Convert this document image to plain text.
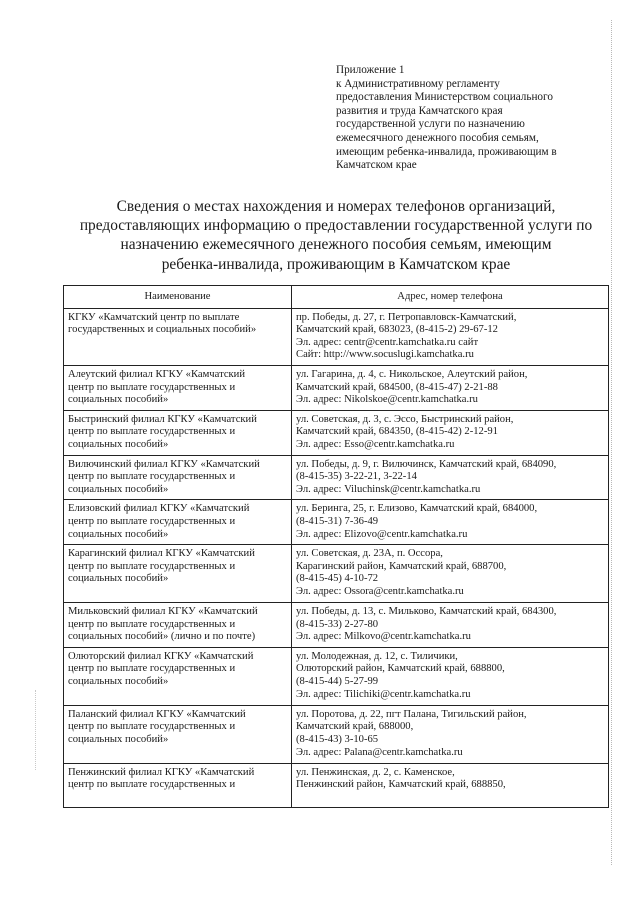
Приложение 1
к Административному регламенту
предоставления Министерством социального
развития и труда Камчатского края
государственной услуги по назначению
ежемесячного денежного пособия семьям,
имеющим ребенка-инвалида, проживающим в
Камчатском крае
Сведения о местах нахождения и номерах телефонов организаций,
предоставляющих информацию о предоставлении государственной услуги по
назначению ежемесячного денежного пособия семьям, имеющим
ребенка-инвалида, проживающим в Камчатском крае
Наименование	Адрес, номер телефона

КГКУ «Камчатский центр по выплате
государственных и социальных пособий»	пр. Победы, д. 27, г. Петропавловск-Камчатский,
Камчатский край, 683023, (8-415-2) 29-67-12
Эл. адрес: centr@centr.kamchatka.ru сайт
Сайт: http://www.socuslugi.kamchatka.ru

Алеутский филиал КГКУ «Камчатский
центр по выплате государственных и
социальных пособий»	ул. Гагарина, д. 4, с. Никольское, Алеутский район,
Камчатский край, 684500, (8-415-47) 2-21-88
Эл. адрес: Nikolskoe@centr.kamchatka.ru

Быстринский филиал КГКУ «Камчатский
центр по выплате государственных и
социальных пособий»	ул. Советская, д. 3, с. Эссо, Быстринский район,
Камчатский край, 684350, (8-415-42) 2-12-91
Эл. адрес: Esso@centr.kamchatka.ru

Вилючинский филиал КГКУ «Камчатский
центр по выплате государственных и
социальных пособий»	ул. Победы, д. 9, г. Вилючинск, Камчатский край, 684090,
(8-415-35) 3-22-21, 3-22-14
Эл. адрес: Viluchinsk@centr.kamchatka.ru

Елизовский филиал КГКУ «Камчатский
центр по выплате государственных и
социальных пособий»	ул. Беринга, 25, г. Елизово, Камчатский край, 684000,
(8-415-31) 7-36-49
Эл. адрес: Elizovo@centr.kamchatka.ru

Карагинский филиал КГКУ «Камчатский
центр по выплате государственных и
социальных пособий»	ул. Советская, д. 23А, п. Оссора,
Карагинский район, Камчатский край, 688700,
(8-415-45) 4-10-72
Эл. адрес: Ossora@centr.kamchatka.ru

Мильковский филиал КГКУ «Камчатский
центр по выплате государственных и
социальных пособий» (лично и по почте)	ул. Победы, д. 13, с. Мильково, Камчатский край, 684300,
(8-415-33) 2-27-80
Эл. адрес: Milkovo@centr.kamchatka.ru

Олюторский филиал КГКУ «Камчатский
центр по выплате государственных и
социальных пособий»	ул. Молодежная, д. 12, с. Тиличики,
Олюторский район, Камчатский край, 688800,
(8-415-44) 5-27-99
Эл. адрес: Tilichiki@centr.kamchatka.ru

Паланский филиал КГКУ «Камчатский
центр по выплате государственных и
социальных пособий»	ул. Поротова, д. 22, пгт Палана, Тигильский район,
Камчатский край, 688000,
(8-415-43) 3-10-65
Эл. адрес: Palana@centr.kamchatka.ru

Пенжинский филиал КГКУ «Камчатский
центр по выплате государственных и	ул. Пенжинская, д. 2, с. Каменское,
Пенжинский район, Камчатский край, 688850,
